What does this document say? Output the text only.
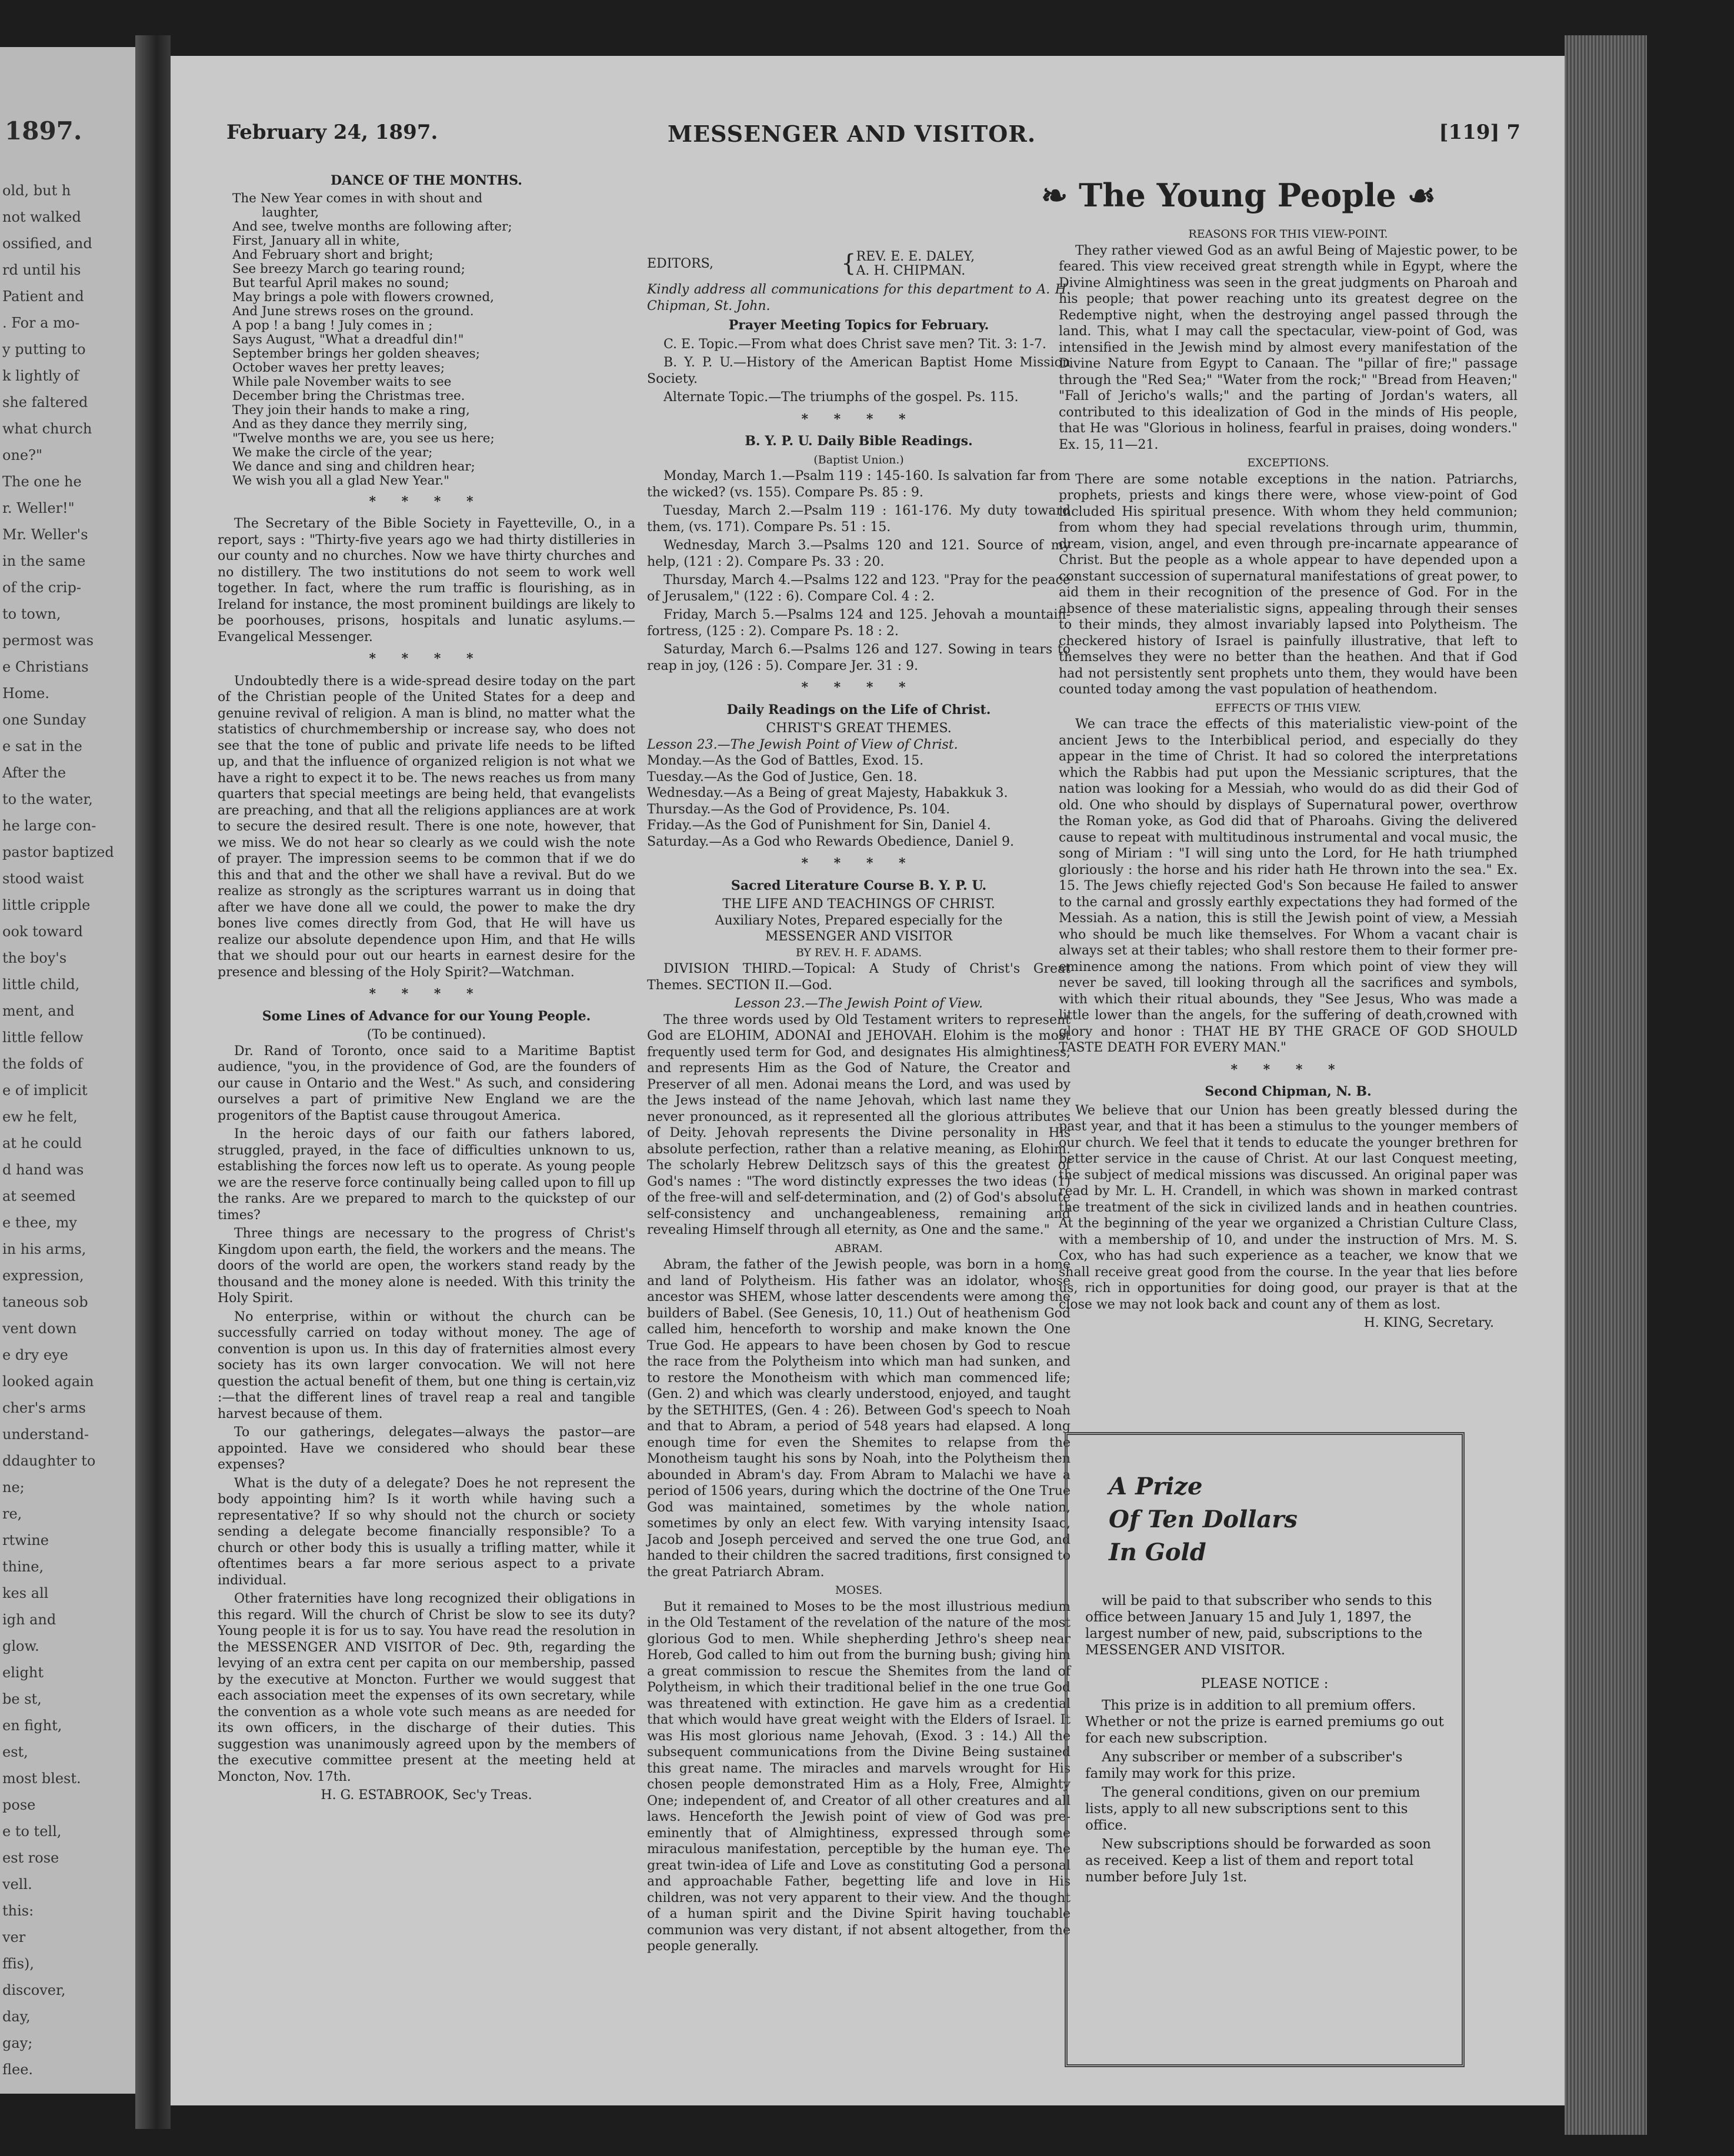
1897.
old, but h
not walked
ossified, and
rd until his
Patient and
. For a mo-
y putting to
k lightly of
she faltered
what church
one?"
The one he
r. Weller!"
Mr. Weller's
in the same
of the crip-
to town,
permost was
e Christians
Home.
one Sunday
e sat in the
After the
to the water,
he large con-
pastor baptized
stood waist
little cripple
ook toward
the boy's
little child,
ment, and
little fellow
the folds of
e of implicit
ew he felt,
at he could
d hand was
at seemed
e thee, my
in his arms,
expression,
taneous sob
vent down
e dry eye
looked again
cher's arms
understand-
ddaughter to
ne;
re,
rtwine
thine,
kes all
igh and
glow.
elight
be st,
en fight,
est,
most blest.
pose
e to tell,
est rose
vell.
this:
ver
ffis),
discover,
day,
gay;
flee.
February 24, 1897.	MESSENGER AND VISITOR.	[119] 7
DANCE OF THE MONTHS.
The New Year comes in with shout and
laughter,
And see, twelve months are following after;
First, January all in white,
And February short and bright;
See breezy March go tearing round;
But tearful April makes no sound;
May brings a pole with flowers crowned,
And June strews roses on the ground.
A pop ! a bang ! July comes in ;
Says August, "What a dreadful din!"
September brings her golden sheaves;
October waves her pretty leaves;
While pale November waits to see
December bring the Christmas tree.
They join their hands to make a ring,
And as they dance they merrily sing,
"Twelve months we are, you see us here;
We make the circle of the year;
We dance and sing and children hear;
We wish you all a glad New Year."
* * * *

The Secretary of the Bible Society in Fayetteville, O., in a report, says : "Thirty-five years ago we had thirty distilleries in our county and no churches. Now we have thirty churches and no distillery. The two institutions do not seem to work well together. In fact, where the rum traffic is flourishing, as in Ireland for instance, the most prominent buildings are likely to be poorhouses, prisons, hospitals and lunatic asylums.—Evangelical Messenger.

* * * *

Undoubtedly there is a wide-spread desire today on the part of the Christian people of the United States for a deep and genuine revival of religion. A man is blind, no matter what the statistics of churchmembership or increase say, who does not see that the tone of public and private life needs to be lifted up, and that the influence of organized religion is not what we have a right to expect it to be. The news reaches us from many quarters that special meetings are being held, that evangelists are preaching, and that all the religions appliances are at work to secure the desired result. There is one note, however, that we miss. We do not hear so clearly as we could wish the note of prayer. The impression seems to be common that if we do this and that and the other we shall have a revival. But do we realize as strongly as the scriptures warrant us in doing that after we have done all we could, the power to make the dry bones live comes directly from God, that He will have us realize our absolute dependence upon Him, and that He wills that we should pour out our hearts in earnest desire for the presence and blessing of the Holy Spirit?—Watchman.

* * * *
Some Lines of Advance for our Young People.
(To be continued).

Dr. Rand of Toronto, once said to a Maritime Baptist audience, "you, in the providence of God, are the founders of our cause in Ontario and the West." As such, and considering ourselves a part of primitive New England we are the progenitors of the Baptist cause througout America.

In the heroic days of our faith our fathers labored, struggled, prayed, in the face of difficulties unknown to us, establishing the forces now left us to operate. As young people we are the reserve force continually being called upon to fill up the ranks. Are we prepared to march to the quickstep of our times?

Three things are necessary to the progress of Christ's Kingdom upon earth, the field, the workers and the means. The doors of the world are open, the workers stand ready by the thousand and the money alone is needed. With this trinity the Holy Spirit.

No enterprise, within or without the church can be successfully carried on today without money. The age of convention is upon us. In this day of fraternities almost every society has its own larger convocation. We will not here question the actual benefit of them, but one thing is certain,viz :—that the different lines of travel reap a real and tangible harvest because of them.

To our gatherings, delegates—always the pastor—are appointed. Have we considered who should bear these expenses?

What is the duty of a delegate? Does he not represent the body appointing him? Is it worth while having such a representative? If so why should not the church or society sending a delegate become financially responsible? To a church or other body this is usually a trifling matter, while it oftentimes bears a far more serious aspect to a private individual.

Other fraternities have long recognized their obligations in this regard. Will the church of Christ be slow to see its duty? Young people it is for us to say. You have read the resolution in the MESSENGER AND VISITOR of Dec. 9th, regarding the levying of an extra cent per capita on our membership, passed by the executive at Moncton. Further we would suggest that each association meet the expenses of its own secretary, while the convention as a whole vote such means as are needed for its own officers, in the discharge of their duties. This suggestion was unanimously agreed upon by the members of the executive committee present at the meeting held at Moncton, Nov. 17th.

H. G. ESTABROOK, Sec'y Treas.
EDITORS,	{ REV. E. E. DALEY,
A. H. CHIPMAN.
Kindly address all communications for this department to A. H. Chipman, St. John.
Prayer Meeting Topics for February.

C. E. Topic.—From what does Christ save men? Tit. 3: 1-7.

B. Y. P. U.—History of the American Baptist Home Mission Society.

Alternate Topic.—The triumphs of the gospel. Ps. 115.

* * * *
B. Y. P. U. Daily Bible Readings.
(Baptist Union.)

Monday, March 1.—Psalm 119 : 145-160. Is salvation far from the wicked? (vs. 155). Compare Ps. 85 : 9.

Tuesday, March 2.—Psalm 119 : 161-176. My duty toward them, (vs. 171). Compare Ps. 51 : 15.

Wednesday, March 3.—Psalms 120 and 121. Source of my help, (121 : 2). Compare Ps. 33 : 20.

Thursday, March 4.—Psalms 122 and 123. "Pray for the peace of Jerusalem," (122 : 6). Compare Col. 4 : 2.

Friday, March 5.—Psalms 124 and 125. Jehovah a mountain-fortress, (125 : 2). Compare Ps. 18 : 2.

Saturday, March 6.—Psalms 126 and 127. Sowing in tears to reap in joy, (126 : 5). Compare Jer. 31 : 9.

* * * *
Daily Readings on the Life of Christ.
CHRIST'S GREAT THEMES.
Lesson 23.—The Jewish Point of View of Christ.
Monday.—As the God of Battles, Exod. 15.
Tuesday.—As the God of Justice, Gen. 18.
Wednesday.—As a Being of great Majesty, Habakkuk 3.
Thursday.—As the God of Providence, Ps. 104.
Friday.—As the God of Punishment for Sin, Daniel 4.
Saturday.—As a God who Rewards Obedience, Daniel 9.
* * * *
Sacred Literature Course B. Y. P. U.
THE LIFE AND TEACHINGS OF CHRIST.
Auxiliary Notes, Prepared especially for the
MESSENGER AND VISITOR
BY REV. H. F. ADAMS.

DIVISION THIRD.—Topical: A Study of Christ's Great Themes. SECTION II.—God.

Lesson 23.—The Jewish Point of View.

The three words used by Old Testament writers to represent God are ELOHIM, ADONAI and JEHOVAH. Elohim is the most frequently used term for God, and designates His almightiness, and represents Him as the God of Nature, the Creator and Preserver of all men. Adonai means the Lord, and was used by the Jews instead of the name Jehovah, which last name they never pronounced, as it represented all the glorious attributes of Deity. Jehovah represents the Divine personality in His absolute perfection, rather than a relative meaning, as Elohim. The scholarly Hebrew Delitzsch says of this the greatest of God's names : "The word distinctly expresses the two ideas (1) of the free-will and self-determination, and (2) of God's absolute self-consistency and unchangeableness, remaining and revealing Himself through all eternity, as One and the same."

ABRAM.

Abram, the father of the Jewish people, was born in a home and land of Polytheism. His father was an idolator, whose ancestor was SHEM, whose latter descendents were among the builders of Babel. (See Genesis, 10, 11.) Out of heathenism God called him, henceforth to worship and make known the One True God. He appears to have been chosen by God to rescue the race from the Polytheism into which man had sunken, and to restore the Monotheism with which man commenced life; (Gen. 2) and which was clearly understood, enjoyed, and taught by the SETHITES, (Gen. 4 : 26). Between God's speech to Noah and that to Abram, a period of 548 years had elapsed. A long enough time for even the Shemites to relapse from the Monotheism taught his sons by Noah, into the Polytheism then abounded in Abram's day. From Abram to Malachi we have a period of 1506 years, during which the doctrine of the One True God was maintained, sometimes by the whole nation, sometimes by only an elect few. With varying intensity Isaac, Jacob and Joseph perceived and served the one true God, and handed to their children the sacred traditions, first consigned to the great Patriarch Abram.

MOSES.

But it remained to Moses to be the most illustrious medium in the Old Testament of the revelation of the nature of the most glorious God to men. While shepherding Jethro's sheep near Horeb, God called to him out from the burning bush; giving him a great commission to rescue the Shemites from the land of Polytheism, in which their traditional belief in the one true God was threatened with extinction. He gave him as a credential that which would have great weight with the Elders of Israel. It was His most glorious name Jehovah, (Exod. 3 : 14.) All the subsequent communications from the Divine Being sustained this great name. The miracles and marvels wrought for His chosen people demonstrated Him as a Holy, Free, Almighty One; independent of, and Creator of all other creatures and all laws. Henceforth the Jewish point of view of God was pre-eminently that of Almightiness, expressed through some miraculous manifestation, perceptible by the human eye. The great twin-idea of Life and Love as constituting God a personal and approachable Father, begetting life and love in His children, was not very apparent to their view. And the thought of a human spirit and the Divine Spirit having touchable communion was very distant, if not absent altogether, from the people generally.

❧ The Young People ☙
REASONS FOR THIS VIEW-POINT.

They rather viewed God as an awful Being of Majestic power, to be feared. This view received great strength while in Egypt, where the Divine Almightiness was seen in the great judgments on Pharoah and his people; that power reaching unto its greatest degree on the Redemptive night, when the destroying angel passed through the land. This, what I may call the spectacular, view-point of God, was intensified in the Jewish mind by almost every manifestation of the Divine Nature from Egypt to Canaan. The "pillar of fire;" passage through the "Red Sea;" "Water from the rock;" "Bread from Heaven;" "Fall of Jericho's walls;" and the parting of Jordan's waters, all contributed to this idealization of God in the minds of His people, that He was "Glorious in holiness, fearful in praises, doing wonders." Ex. 15, 11—21.

EXCEPTIONS.

There are some notable exceptions in the nation. Patriarchs, prophets, priests and kings there were, whose view-point of God included His spiritual presence. With whom they held communion; from whom they had special revelations through urim, thummin, dream, vision, angel, and even through pre-incarnate appearance of Christ. But the people as a whole appear to have depended upon a constant succession of supernatural manifestations of great power, to aid them in their recognition of the presence of God. For in the absence of these materialistic signs, appealing through their senses to their minds, they almost invariably lapsed into Polytheism. The checkered history of Israel is painfully illustrative, that left to themselves they were no better than the heathen. And that if God had not persistently sent prophets unto them, they would have been counted today among the vast population of heathendom.

EFFECTS OF THIS VIEW.

We can trace the effects of this materialistic view-point of the ancient Jews to the Interbiblical period, and especially do they appear in the time of Christ. It had so colored the interpretations which the Rabbis had put upon the Messianic scriptures, that the nation was looking for a Messiah, who would do as did their God of old. One who should by displays of Supernatural power, overthrow the Roman yoke, as God did that of Pharoahs. Giving the delivered cause to repeat with multitudinous instrumental and vocal music, the song of Miriam : "I will sing unto the Lord, for He hath triumphed gloriously : the horse and his rider hath He thrown into the sea." Ex. 15. The Jews chiefly rejected God's Son because He failed to answer to the carnal and grossly earthly expectations they had formed of the Messiah. As a nation, this is still the Jewish point of view, a Messiah who should be much like themselves. For Whom a vacant chair is always set at their tables; who shall restore them to their former pre-eminence among the nations. From which point of view they will never be saved, till looking through all the sacrifices and symbols, with which their ritual abounds, they "See Jesus, Who was made a little lower than the angels, for the suffering of death,crowned with glory and honor : THAT HE BY THE GRACE OF GOD SHOULD TASTE DEATH FOR EVERY MAN."

* * * *
Second Chipman, N. B.

We believe that our Union has been greatly blessed during the past year, and that it has been a stimulus to the younger members of our church. We feel that it tends to educate the younger brethren for better service in the cause of Christ. At our last Conquest meeting, the subject of medical missions was discussed. An original paper was read by Mr. L. H. Crandell, in which was shown in marked contrast the treatment of the sick in civilized lands and in heathen countries. At the beginning of the year we organized a Christian Culture Class, with a membership of 10, and under the instruction of Mrs. M. S. Cox, who has had such experience as a teacher, we know that we shall receive great good from the course. In the year that lies before us, rich in opportunities for doing good, our prayer is that at the close we may not look back and count any of them as lost.

H. KING, Secretary.
A Prize
Of Ten Dollars
In Gold

will be paid to that subscriber who sends to this office between January 15 and July 1, 1897, the largest number of new, paid, subscriptions to the MESSENGER AND VISITOR.

PLEASE NOTICE :

This prize is in addition to all premium offers. Whether or not the prize is earned premiums go out for each new subscription.

Any subscriber or member of a subscriber's family may work for this prize.

The general conditions, given on our premium lists, apply to all new subscriptions sent to this office.

New subscriptions should be forwarded as soon as received. Keep a list of them and report total number before July 1st.
